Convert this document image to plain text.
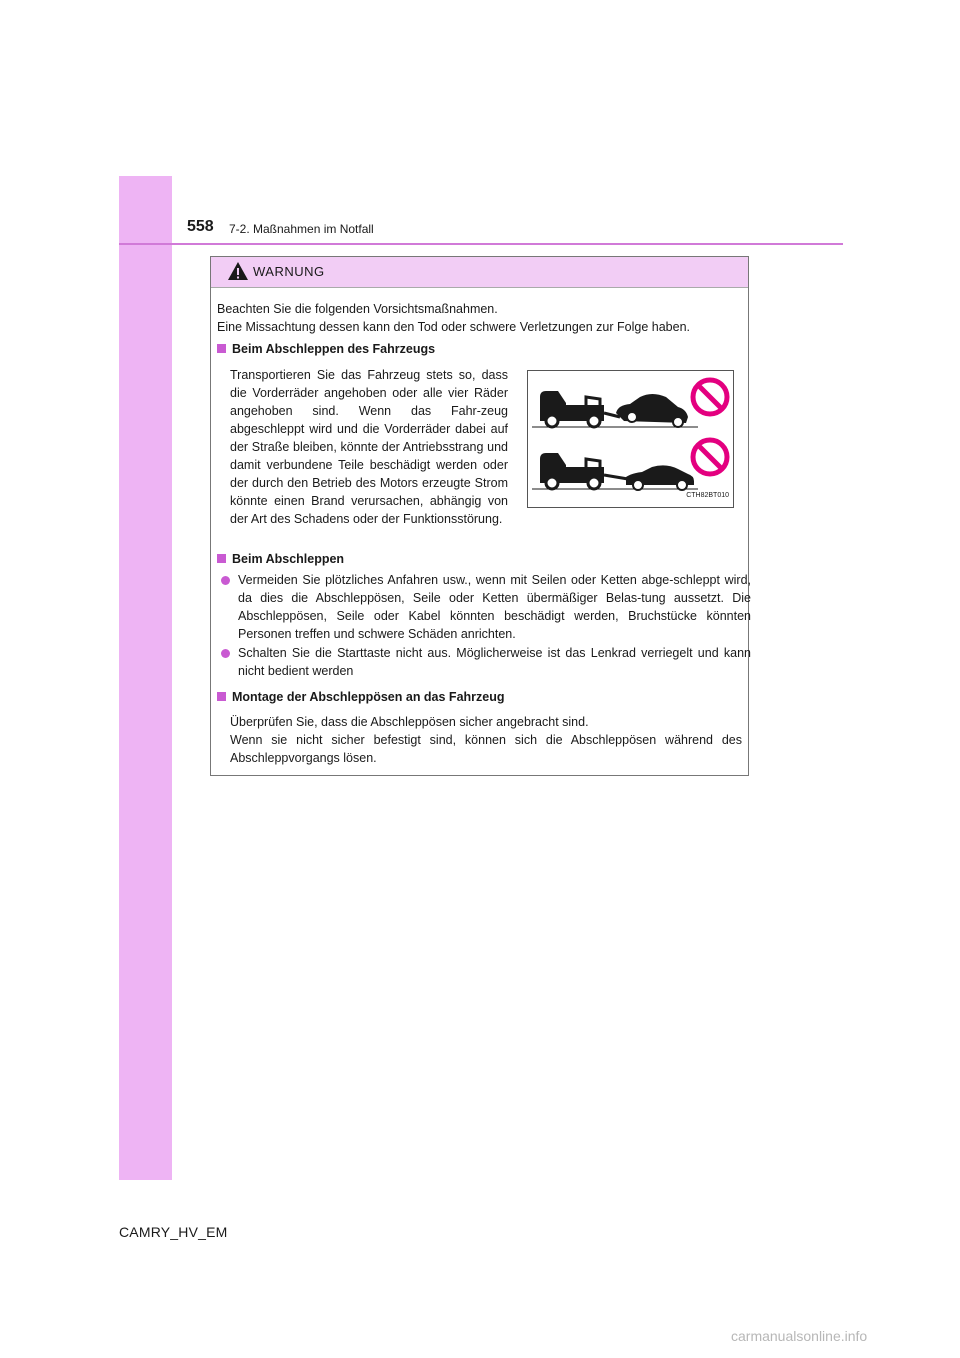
558 7-2. Maßnahmen im Notfall
WARNUNG
Beachten Sie die folgenden Vorsichtsmaßnahmen.
Eine Missachtung dessen kann den Tod oder schwere Verletzungen zur Folge haben.
Beim Abschleppen des Fahrzeugs
Transportieren Sie das Fahrzeug stets so, dass die Vorderräder angehoben oder alle vier Räder angehoben sind. Wenn das Fahr-zeug abgeschleppt wird und die Vorderräder dabei auf der Straße bleiben, könnte der Antriebsstrang und damit verbundene Teile beschädigt werden oder der durch den Betrieb des Motors erzeugte Strom könnte einen Brand verursachen, abhängig von der Art des Schadens oder der Funktionsstörung.
CTH82BT010
Beim Abschleppen
Vermeiden Sie plötzliches Anfahren usw., wenn mit Seilen oder Ketten abge-schleppt wird, da dies die Abschleppösen, Seile oder Ketten übermäßiger Belas-tung aussetzt. Die Abschleppösen, Seile oder Kabel könnten beschädigt werden, Bruchstücke könnten Personen treffen und schwere Schäden anrichten.
Schalten Sie die Starttaste nicht aus. Möglicherweise ist das Lenkrad verriegelt und kann nicht bedient werden
Montage der Abschleppösen an das Fahrzeug
Überprüfen Sie, dass die Abschleppösen sicher angebracht sind.
Wenn sie nicht sicher befestigt sind, können sich die Abschleppösen während des Abschleppvorgangs lösen.
CAMRY_HV_EM
carmanualsonline.info
